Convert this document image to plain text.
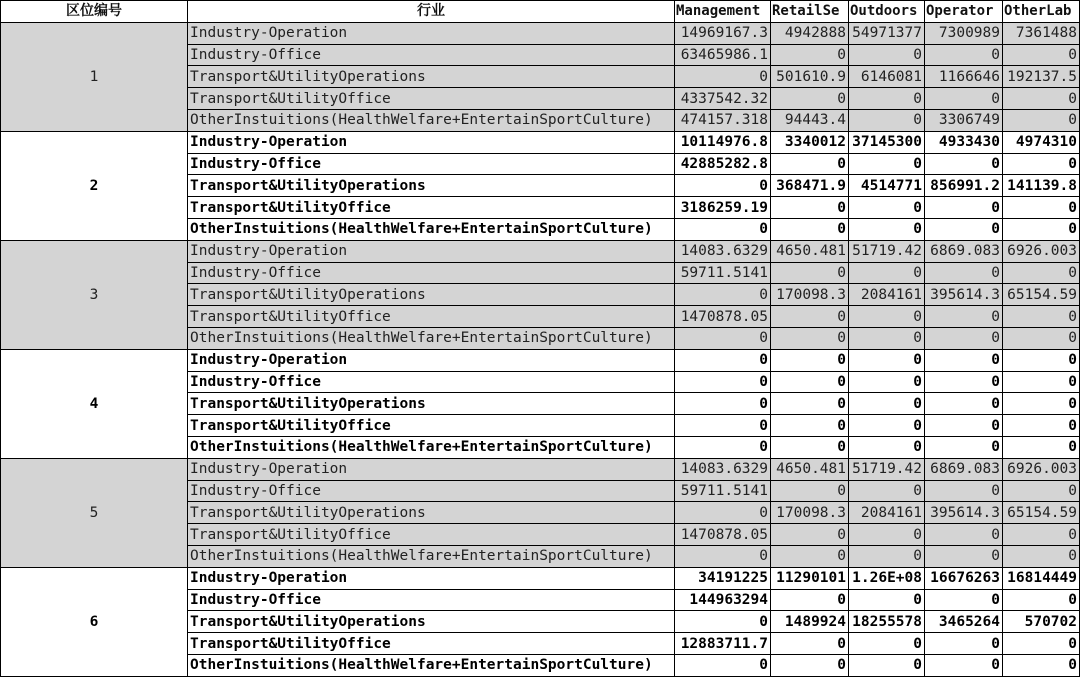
区位编号	行业	Management	RetailSe	Outdoors	Operator	OtherLab
1	Industry-Operation	14969167.3	4942888	54971377	7300989	7361488
	Industry-Office	63465986.1	0	0	0	0
	Transport&UtilityOperations	0	501610.9	6146081	1166646	192137.5
	Transport&UtilityOffice	4337542.32	0	0	0	0
	OtherInstuitions(HealthWelfare+EntertainSportCulture)	474157.318	94443.4	0	3306749	0
2	Industry-Operation	10114976.8	3340012	37145300	4933430	4974310
	Industry-Office	42885282.8	0	0	0	0
	Transport&UtilityOperations	0	368471.9	4514771	856991.2	141139.8
	Transport&UtilityOffice	3186259.19	0	0	0	0
	OtherInstuitions(HealthWelfare+EntertainSportCulture)	0	0	0	0	0
3	Industry-Operation	14083.6329	4650.481	51719.42	6869.083	6926.003
	Industry-Office	59711.5141	0	0	0	0
	Transport&UtilityOperations	0	170098.3	2084161	395614.3	65154.59
	Transport&UtilityOffice	1470878.05	0	0	0	0
	OtherInstuitions(HealthWelfare+EntertainSportCulture)	0	0	0	0	0
4	Industry-Operation	0	0	0	0	0
	Industry-Office	0	0	0	0	0
	Transport&UtilityOperations	0	0	0	0	0
	Transport&UtilityOffice	0	0	0	0	0
	OtherInstuitions(HealthWelfare+EntertainSportCulture)	0	0	0	0	0
5	Industry-Operation	14083.6329	4650.481	51719.42	6869.083	6926.003
	Industry-Office	59711.5141	0	0	0	0
	Transport&UtilityOperations	0	170098.3	2084161	395614.3	65154.59
	Transport&UtilityOffice	1470878.05	0	0	0	0
	OtherInstuitions(HealthWelfare+EntertainSportCulture)	0	0	0	0	0
6	Industry-Operation	34191225	11290101	1.26E+08	16676263	16814449
	Industry-Office	144963294	0	0	0	0
	Transport&UtilityOperations	0	1489924	18255578	3465264	570702
	Transport&UtilityOffice	12883711.7	0	0	0	0
	OtherInstuitions(HealthWelfare+EntertainSportCulture)	0	0	0	0	0
